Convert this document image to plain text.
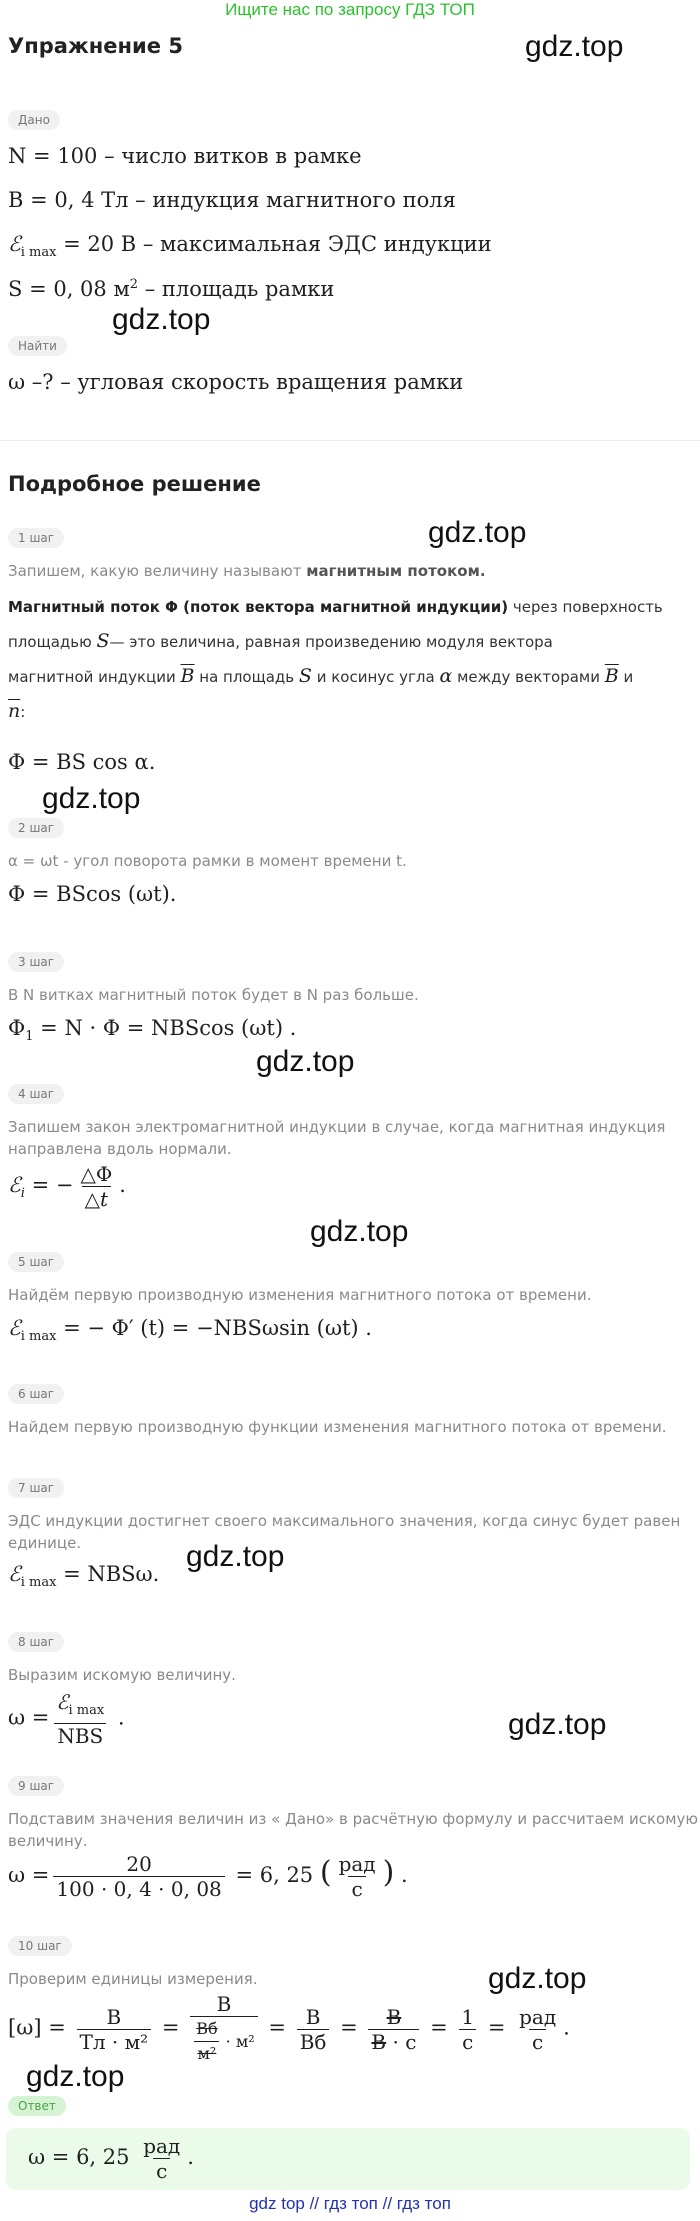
Ищите нас по запросу ГДЗ ТОП
Упражнение 5	gdz.top
gdz.top
gdz.top
gdz.top
gdz.top
gdz.top
gdz.top
gdz.top
gdz.top
gdz.top
Дано
N = 100 – число витков в рамке
B = 0, 4 Тл – индукция магнитного поля
ℰ$_{i max}$ = 20 В – максимальная ЭДС индукции
S = 0, 08 $м^2$ – площадь рамки
Найти
ω –? – угловая скорость вращения рамки
Подробное решение
1 шаг
Запишем, какую величину называют магнитным потоком.
Магнитный поток Φ (поток вектора магнитной индукции) через поверхность
площадью S— это величина, равная произведению модуля вектора
магнитной индукции $\overline{B}$ на площадь S и косинус угла α между векторами $\overline{B}$ и
$\overline{n}$:
Φ = BS cos α.
2 шаг
α = ωt - угол поворота рамки в момент времени t.
Φ = BScos (ωt).
3 шаг
В N витках магнитный поток будет в N раз больше.
$\Phi_1 = N \cdot \Phi = NBScos$ (ωt) .
4 шаг
Запишем закон электромагнитной индукции в случае, когда магнитная индукция
направлена вдоль нормали.
ℰ$_i$ = − $\frac{\triangle\Phi}{\triangle t}$ .
5 шаг
Найдём первую производную изменения магнитного потока от времени.
ℰ$_{i max}$ = − Φ′ (t) = −NBSωsin (ωt) .
6 шаг
Найдем первую производную функции изменения магнитного потока от времени.
7 шаг
ЭДС индукции достигнет своего максимального значения, когда синус будет равен
единице.
ℰ$_{i max}$ = NBSω.
8 шаг
Выразим искомую величину.
$\omega = \frac{ℰ_{i max}}{\text{NBS}}$ .
9 шаг
Подставим значения величин из « Дано» в расчётную формулу и рассчитаем искомую
величину.
$\omega = \frac{20}{100 \cdot 0, 4 \cdot 0, 08} = 6$, 25 ( $\frac{\text{рад}}{с}$ ) .
10 шаг
Проверим единицы измерения.
$[\omega] = \frac{В}{\text{Тл · м²}} = \frac{В}{\frac{Вб}{\text{м²}} \cdot м^2} = \frac{В}{Вб} = \frac{В}{В \cdot с} = \frac{1}{с} = \frac{\text{рад}}{с}$ .
Ответ
ω = 6, $25 \frac{\text{рад}}{с}$ .
gdz top // гдз топ // гдз топ
